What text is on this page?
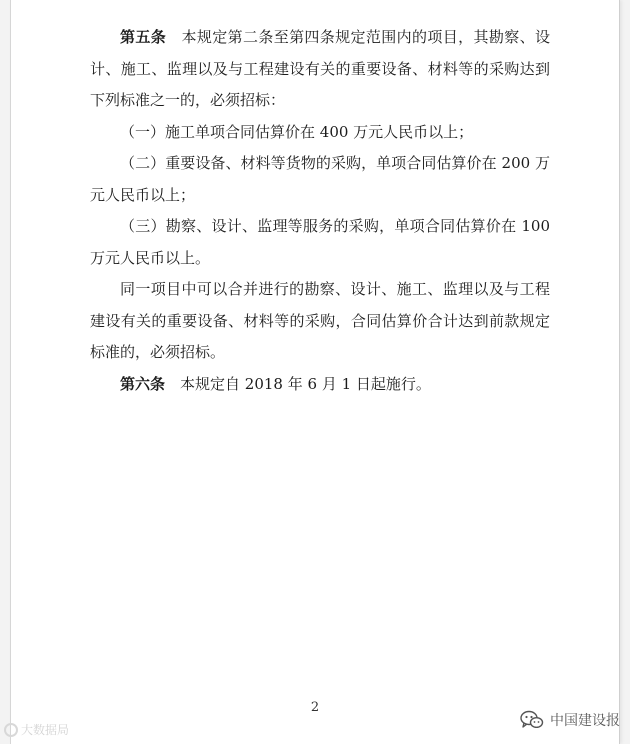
第五条　 本规定第二条至第四条规定范围内的项目，其勘察、设计、施工、监理以及与工程建设有关的重要设备、材料等的采购达到下列标准之一的，必须招标：

（一）施工单项合同估算价在 400 万元人民币以上；

（二）重要设备、材料等货物的采购，单项合同估算价在 200 万元人民币以上；

（三）勘察、设计、监理等服务的采购，单项合同估算价在 100 万元人民币以上。

同一项目中可以合并进行的勘察、设计、施工、监理以及与工程建设有关的重要设备、材料等的采购，合同估算价合计达到前款规定标准的，必须招标。

第六条　 本规定自 2018 年 6 月 1 日起施行。

2
大数据局
中国建设报
